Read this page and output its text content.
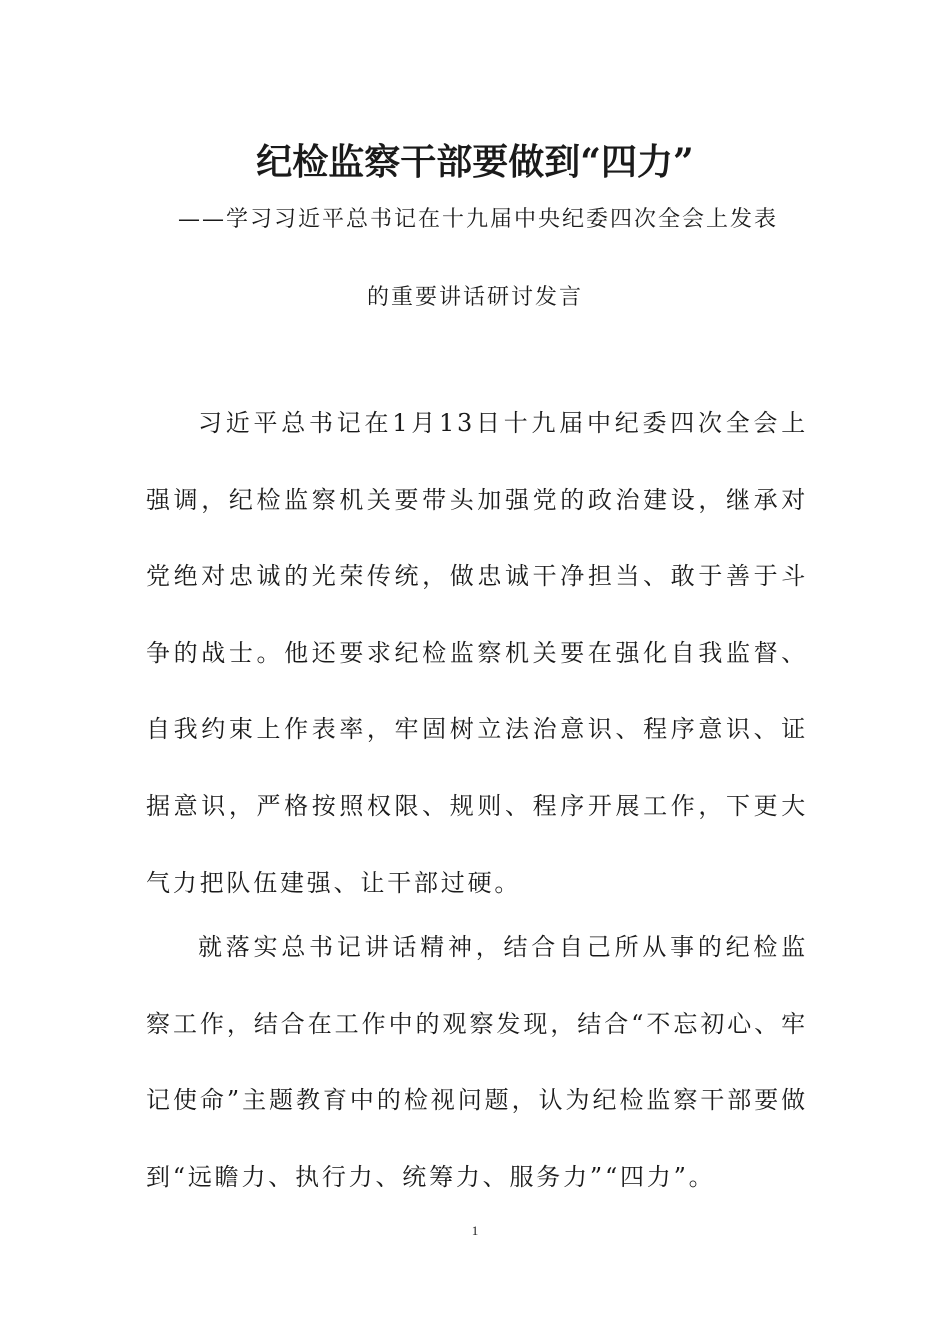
纪检监察干部要做到“四力”
——学习习近平总书记在十九届中央纪委四次全会上发表
的重要讲话研讨发言

习近平总书记在1月13日十九届中纪委四次全会上强调，纪检监察机关要带头加强党的政治建设，继承对党绝对忠诚的光荣传统，做忠诚干净担当、敢于善于斗争的战士。他还要求纪检监察机关要在强化自我监督、自我约束上作表率，牢固树立法治意识、程序意识、证据意识，严格按照权限、规则、程序开展工作，下更大气力把队伍建强、让干部过硬。

就落实总书记讲话精神，结合自己所从事的纪检监察工作，结合在工作中的观察发现，结合“不忘初心、牢记使命”主题教育中的检视问题，认为纪检监察干部要做到“远瞻力、执行力、统筹力、服务力”“四力”。

1
